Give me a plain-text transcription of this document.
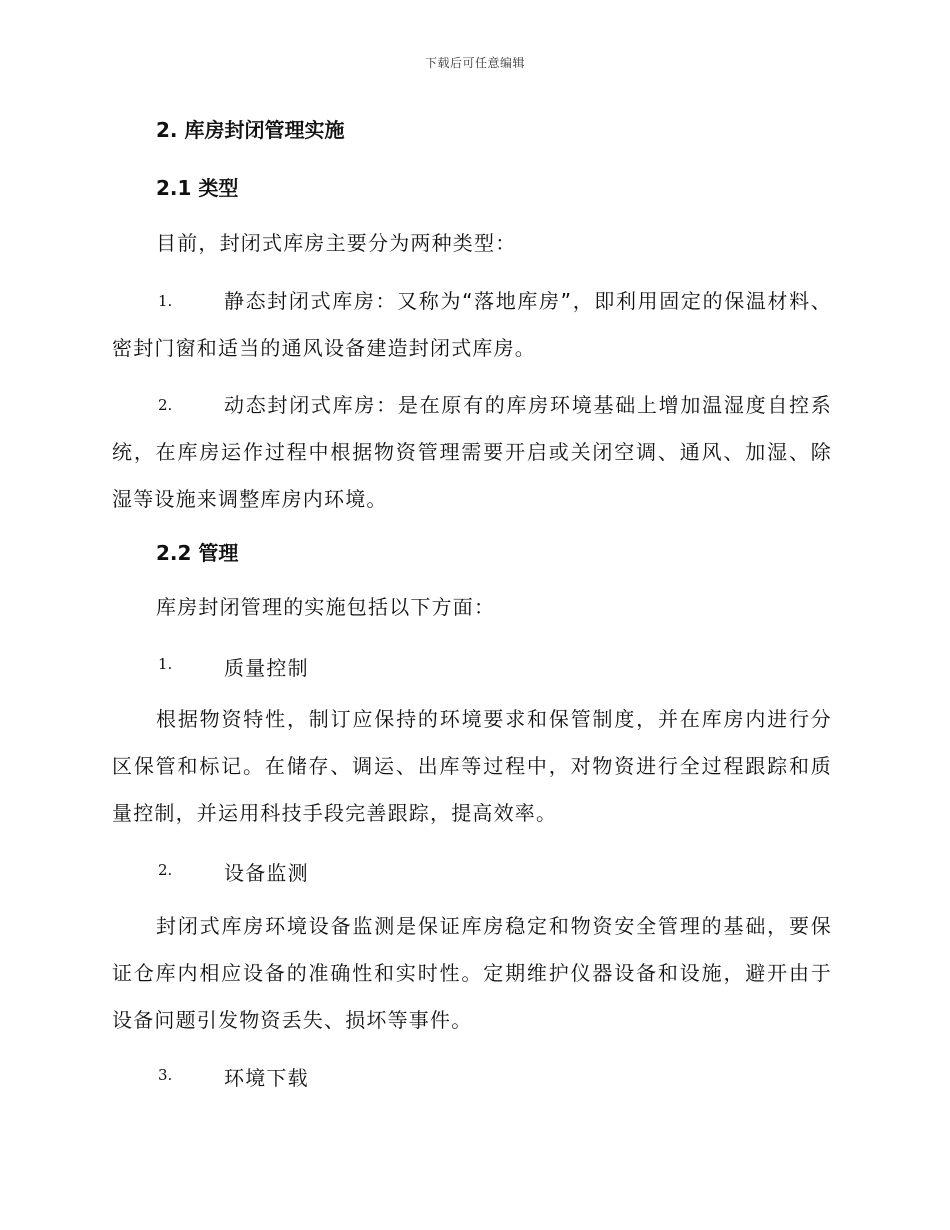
下载后可任意编辑
2. 库房封闭管理实施
2.1 类型
目前，封闭式库房主要分为两种类型：
1.	静态封闭式库房：又称为“落地库房”，即利用固定的保温材料、密封门窗和适当的通风设备建造封闭式库房。
2.	动态封闭式库房：是在原有的库房环境基础上增加温湿度自控系统，在库房运作过程中根据物资管理需要开启或关闭空调、通风、加湿、除湿等设施来调整库房内环境。
2.2 管理
库房封闭管理的实施包括以下方面：
1.	质量控制
根据物资特性，制订应保持的环境要求和保管制度，并在库房内进行分区保管和标记。在储存、调运、出库等过程中，对物资进行全过程跟踪和质量控制，并运用科技手段完善跟踪，提高效率。
2.	设备监测
封闭式库房环境设备监测是保证库房稳定和物资安全管理的基础，要保证仓库内相应设备的准确性和实时性。定期维护仪器设备和设施，避开由于设备问题引发物资丢失、损坏等事件。
3.	环境下载
